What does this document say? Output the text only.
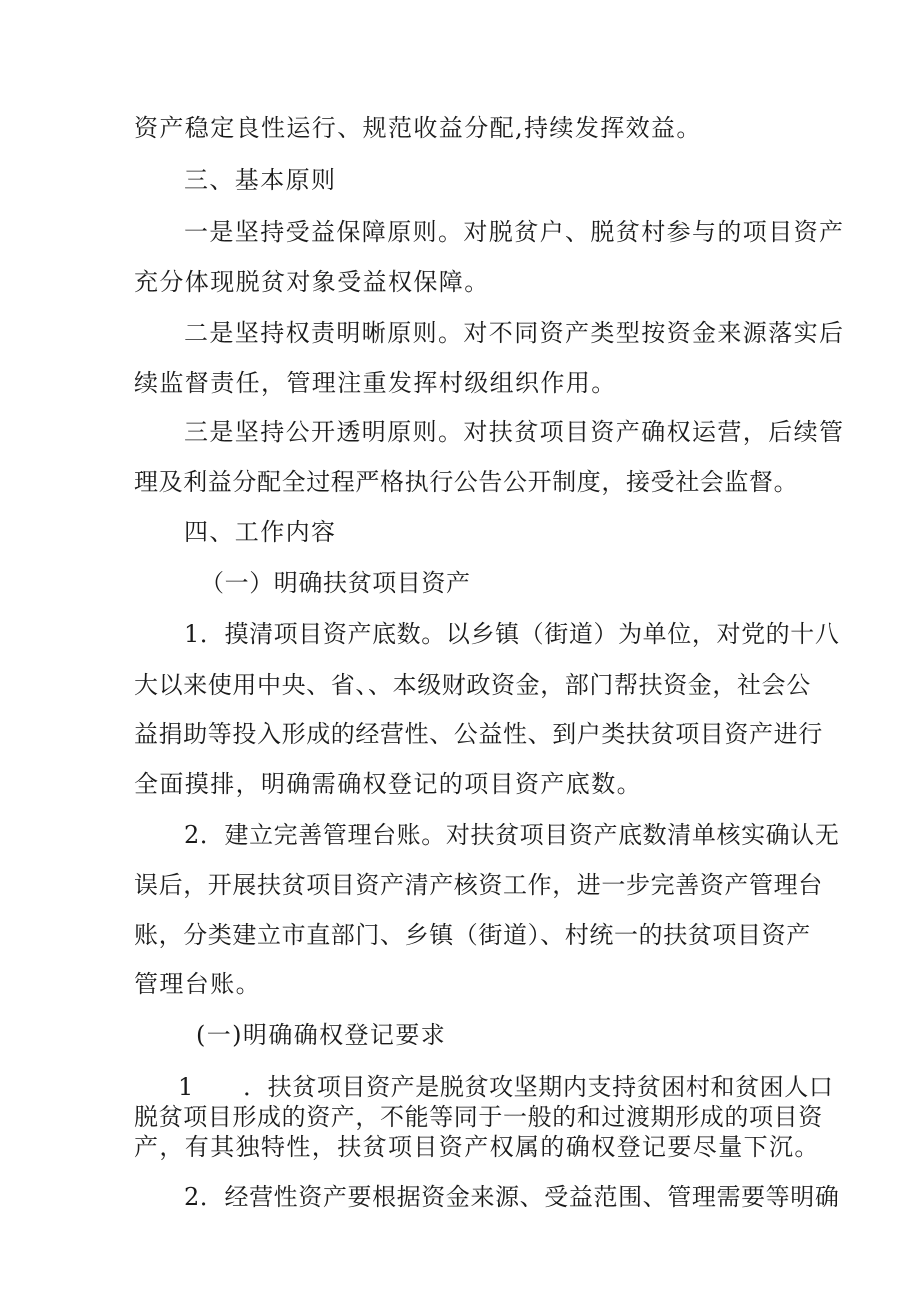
资产稳定良性运行、规范收益分配,持续发挥效益。
三、基本原则
一是坚持受益保障原则。对脱贫户、脱贫村参与的项目资产
充分体现脱贫对象受益权保障。
二是坚持权责明晰原则。对不同资产类型按资金来源落实后
续监督责任，管理注重发挥村级组织作用。
三是坚持公开透明原则。对扶贫项目资产确权运营，后续管
理及利益分配全过程严格执行公告公开制度，接受社会监督。
四、工作内容
（一）明确扶贫项目资产
1．摸清项目资产底数。以乡镇（街道）为单位，对党的十八
大以来使用中央、省、、本级财政资金，部门帮扶资金，社会公
益捐助等投入形成的经营性、公益性、到户类扶贫项目资产进行
全面摸排，明确需确权登记的项目资产底数。
2．建立完善管理台账。对扶贫项目资产底数清单核实确认无
误后，开展扶贫项目资产清产核资工作，进一步完善资产管理台
账，分类建立市直部门、乡镇（街道）、村统一的扶贫项目资产
管理台账。
(一)明确确权登记要求
1　　．扶贫项目资产是脱贫攻坚期内支持贫困村和贫困人口
脱贫项目形成的资产，不能等同于一般的和过渡期形成的项目资
产，有其独特性，扶贫项目资产权属的确权登记要尽量下沉。
2．经营性资产要根据资金来源、受益范围、管理需要等明确
